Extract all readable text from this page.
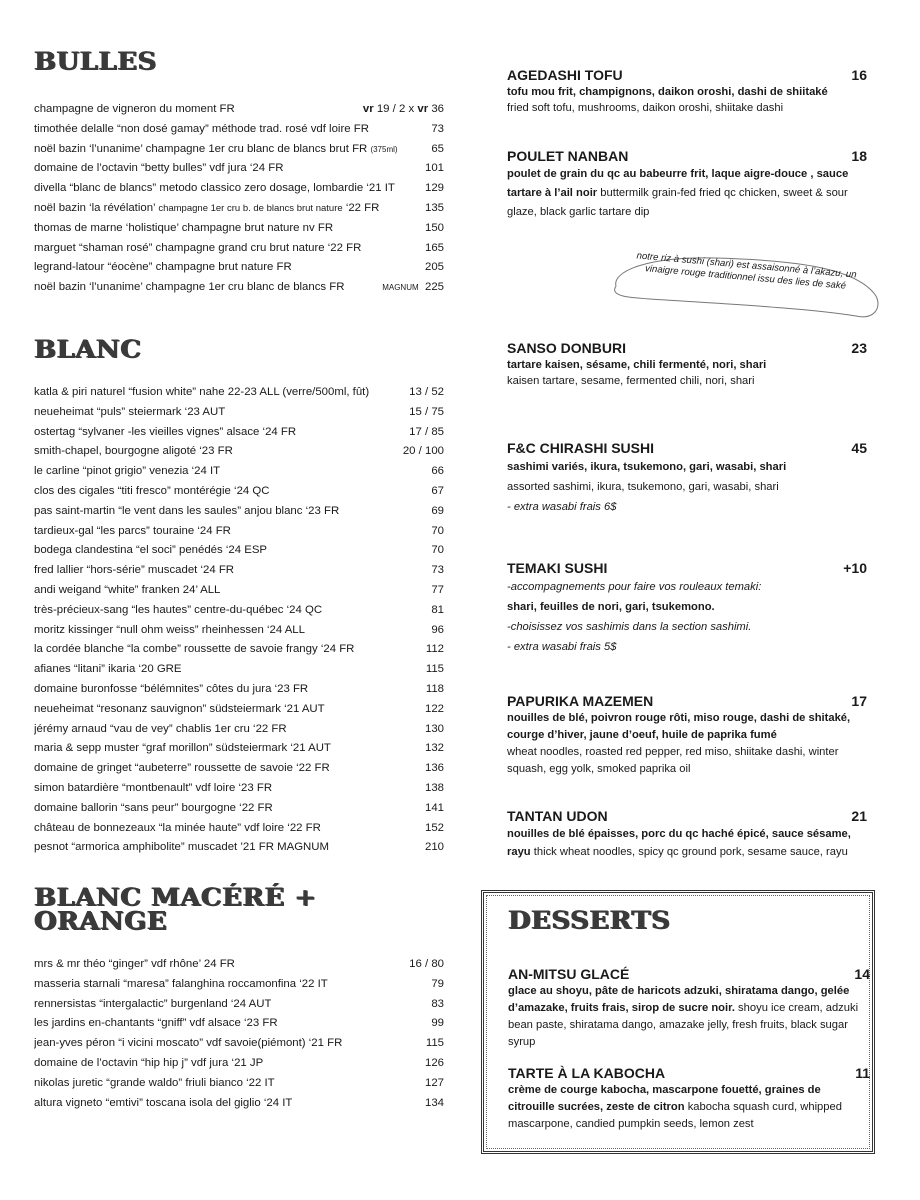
BULLES
champagne de vigneron du moment FR	vr 19 / 2 x vr 36
timothée delalle “non dosé gamay” méthode trad. rosé vdf loire FR	73
noël bazin ‘l’unanime’ champagne 1er cru blanc de blancs brut FR (375ml)	65
domaine de l’octavin “betty bulles” vdf jura ‘24 FR	101
divella “blanc de blancs” metodo classico zero dosage, lombardie ‘21 IT	129
noël bazin ‘la révélation’ champagne 1er cru b. de blancs brut nature ‘22 FR	135
thomas de marne ‘holistique’ champagne brut nature nv FR	150
marguet “shaman rosé” champagne grand cru brut nature ‘22 FR	165
legrand-latour “éocène” champagne brut nature FR	205
noël bazin ‘l’unanime’ champagne 1er cru blanc de blancs FR	MAGNUM 225
BLANC
katla & piri naturel “fusion white” nahe 22-23 ALL (verre/500ml, fût)	13 / 52
neueheimat “puls” steiermark ‘23 AUT	15 / 75
ostertag “sylvaner -les vieilles vignes” alsace ‘24 FR	17 / 85
smith-chapel, bourgogne aligoté ‘23 FR	20 / 100
le carline “pinot grigio” venezia ‘24 IT	66
clos des cigales “titi fresco” montérégie ‘24 QC	67
pas saint-martin “le vent dans les saules” anjou blanc ‘23 FR	69
tardieux-gal “les parcs” touraine ‘24 FR	70
bodega clandestina “el soci” penédés ‘24 ESP	70
fred lallier “hors-série” muscadet ‘24 FR	73
andi weigand “white” franken 24’ ALL	77
très-précieux-sang “les hautes” centre-du-québec ‘24 QC	81
moritz kissinger “null ohm weiss” rheinhessen ‘24 ALL	96
la cordée blanche “la combe” roussette de savoie frangy ‘24 FR	112
afianes “litani” ikaria ‘20 GRE	115
domaine buronfosse “bélémnites” côtes du jura ‘23 FR	118
neueheimat “resonanz sauvignon” südsteiermark ‘21 AUT	122
jérémy arnaud “vau de vey” chablis 1er cru ‘22 FR	130
maria & sepp muster “graf morillon” südsteiermark ‘21 AUT	132
domaine de gringet “aubeterre” roussette de savoie ‘22 FR	136
simon batardière “montbenault” vdf loire ‘23 FR	138
domaine ballorin “sans peur” bourgogne ‘22 FR	141
château de bonnezeaux “la minée haute” vdf loire ‘22 FR	152
pesnot “armorica amphibolite” muscadet ’21 FR MAGNUM	210
BLANC MACÉRÉ + ORANGE
mrs & mr théo “ginger” vdf rhône’ 24 FR	16 / 80
masseria starnali “maresa” falanghina roccamonfina ‘22 IT	79
rennersistas “intergalactic” burgenland ‘24 AUT	83
les jardins en-chantants “gniff” vdf alsace ‘23 FR	99
jean-yves péron “i vicini moscato” vdf savoie(piémont) ‘21 FR	115
domaine de l’octavin “hip hip j” vdf jura ‘21 JP	126
nikolas juretic “grande waldo” friuli bianco ‘22 IT	127
altura vigneto “emtivi” toscana isola del giglio ‘24 IT	134
AGEDASHI TOFU	16
tofu mou frit, champignons, daikon oroshi, dashi de shiitaké
fried soft tofu, mushrooms, daikon oroshi, shiitake dashi
POULET NANBAN	18
poulet de grain du qc au babeurre frit, laque aigre-douce , sauce tartare à l’ail noir buttermilk grain-fed fried qc chicken, sweet & sour glaze, black garlic tartare dip
SANSO DONBURI	23
tartare kaisen, sésame, chili fermenté, nori, shari
kaisen tartare, sesame, fermented chili, nori, shari
F&C CHIRASHI SUSHI	45
sashimi variés, ikura, tsukemono, gari, wasabi, shari
assorted sashimi, ikura, tsukemono, gari, wasabi, shari
- extra wasabi frais 6$
TEMAKI SUSHI	+10
-accompagnements pour faire vos rouleaux temaki:
shari, feuilles de nori, gari, tsukemono.
-choisissez vos sashimis dans la section sashimi.
- extra wasabi frais 5$
PAPURIKA MAZEMEN	17
nouilles de blé, poivron rouge rôti, miso rouge, dashi de shitaké, courge d’hiver, jaune d’oeuf, huile de paprika fumé
wheat noodles, roasted red pepper, red miso, shiitake dashi, winter squash, egg yolk, smoked paprika oil
TANTAN UDON	21
nouilles de blé épaisses, porc du qc haché épicé, sauce sésame, rayu thick wheat noodles, spicy qc ground pork, sesame sauce, rayu
notre riz à sushi (shari) est assaisonné à l’akazu, un vinaigre rouge traditionnel issu des lies de saké
DESSERTS
AN-MITSU GLACÉ	14
glace au shoyu, pâte de haricots adzuki, shiratama dango, gelée d’amazake, fruits frais, sirop de sucre noir. shoyu ice cream, adzuki bean paste, shiratama dango, amazake jelly, fresh fruits, black sugar syrup
TARTE À LA KABOCHA	11
crème de courge kabocha, mascarpone fouetté, graines de citrouille sucrées, zeste de citron kabocha squash curd, whipped mascarpone, candied pumpkin seeds, lemon zest
